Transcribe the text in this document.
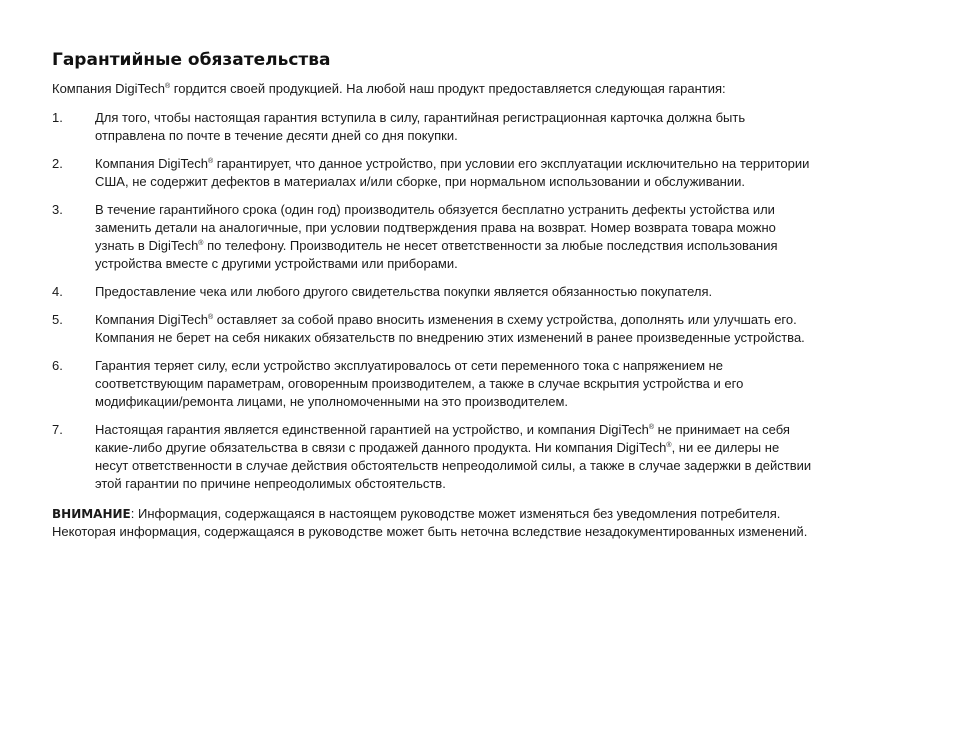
Гарантийные обязательства

Компания DigiTech® гордится своей продукцией. На любой наш продукт предоставляется следующая гарантия:

1. Для того, чтобы настоящая гарантия вступила в силу, гарантийная регистрационная карточка должна быть
отправлена по почте в течение десяти дней со дня покупки.
2. Компания DigiTech® гарантирует, что данное устройство, при условии его эксплуатации исключительно на территории
США, не содержит дефектов в материалах и/или сборке, при нормальном использовании и обслуживании.
3. В течение гарантийного срока (один год) производитель обязуется бесплатно устранить дефекты устойства или
заменить детали на аналогичные, при условии подтверждения права на возврат. Номер возврата товара можно
узнать в DigiTech® по телефону. Производитель не несет ответственности за любые последствия использования
устройства вместе с другими устройствами или приборами.
4. Предоставление чека или любого другого свидетельства покупки является обязанностью покупателя.
5. Компания DigiTech® оставляет за собой право вносить изменения в схему устройства, дополнять или улучшать его.
Компания не берет на себя никаких обязательств по внедрению этих изменений в ранее произведенные устройства.
6. Гарантия теряет силу, если устройство эксплуатировалось от сети переменного тока с напряжением не
соответствующим параметрам, оговоренным производителем, а также в случае вскрытия устройства и его
модификации/ремонта лицами, не уполномоченными на это производителем.
7. Настоящая гарантия является единственной гарантией на устройство, и компания DigiTech® не принимает на себя
какие-либо другие обязательства в связи с продажей данного продукта. Ни компания DigiTech®, ни ее дилеры не
несут ответственности в случае действия обстоятельств непреодолимой силы, а также в случае задержки в действии
этой гарантии по причине непреодолимых обстоятельств.
ВНИМАНИЕ: Информация, содержащаяся в настоящем руководстве может изменяться без уведомления потребителя.
Некоторая информация, содержащаяся в руководстве может быть неточна вследствие незадокументированных изменений.
